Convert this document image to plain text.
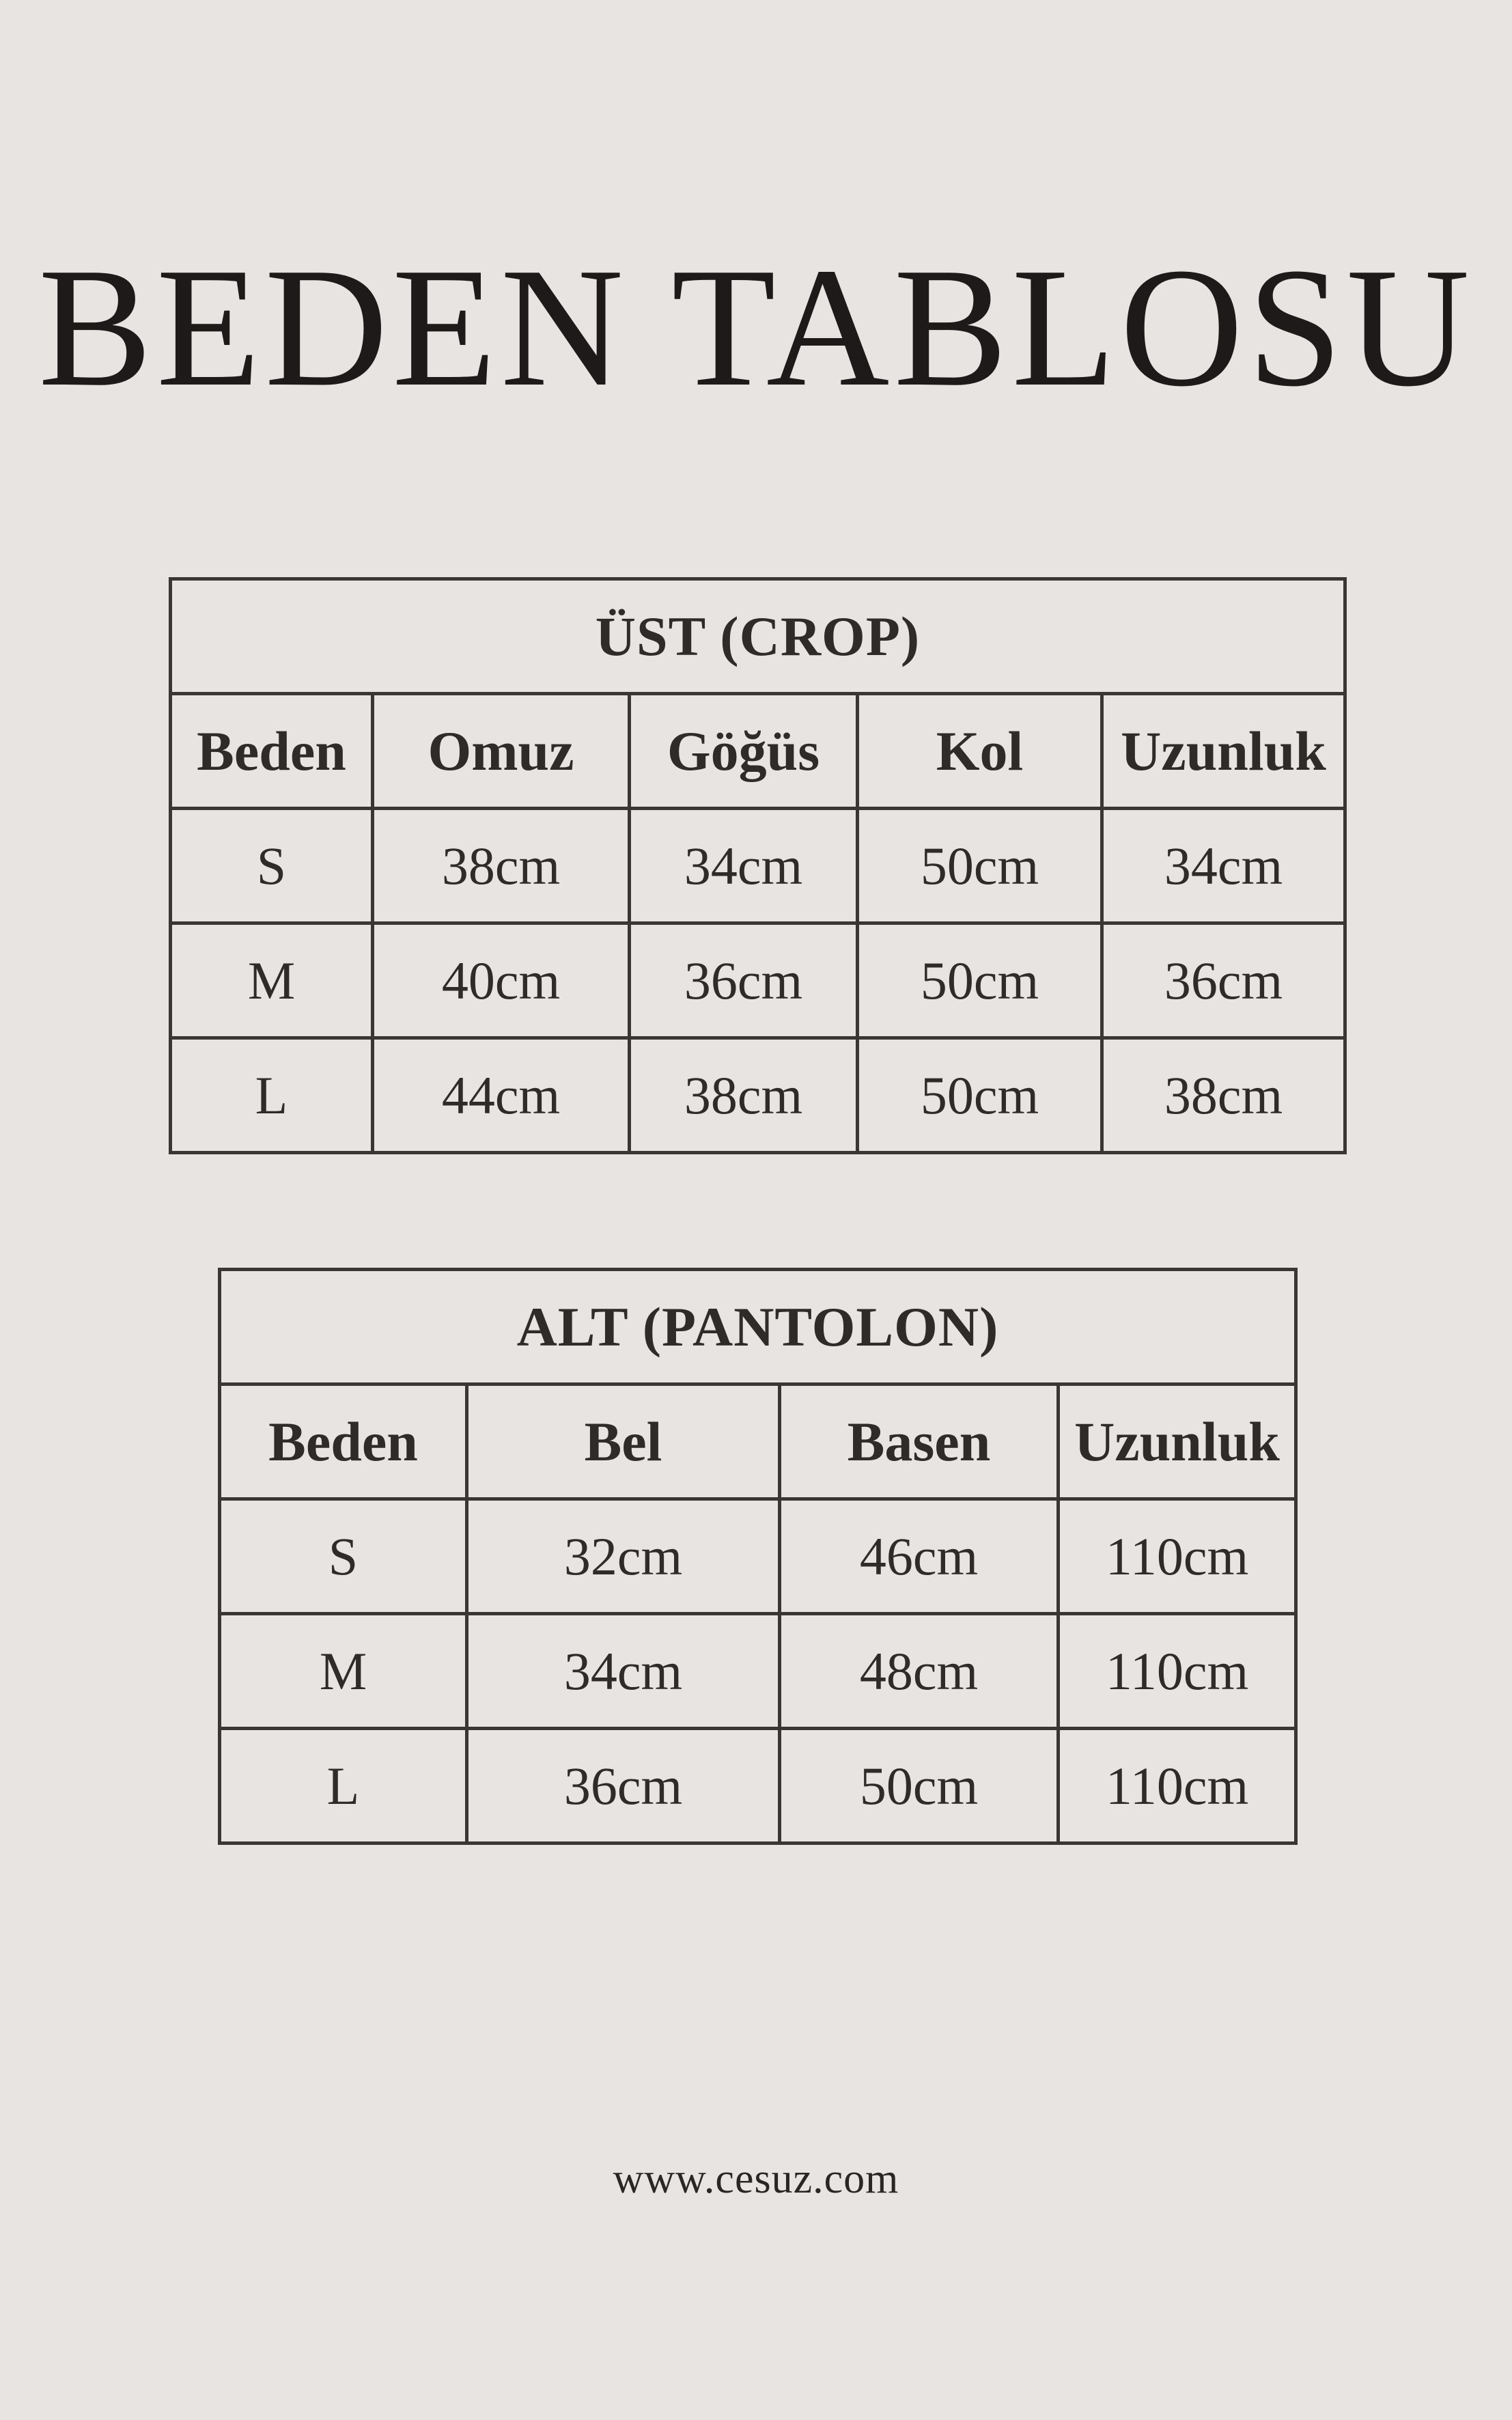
BEDEN TABLOSU
ÜST (CROP)				
Beden	Omuz	Göğüs	Kol	Uzunluk
S	38cm	34cm	50cm	34cm
M	40cm	36cm	50cm	36cm
L	44cm	38cm	50cm	38cm
ALT (PANTOLON)			
Beden	Bel	Basen	Uzunluk
S	32cm	46cm	110cm
M	34cm	48cm	110cm
L	36cm	50cm	110cm
www.cesuz.com
